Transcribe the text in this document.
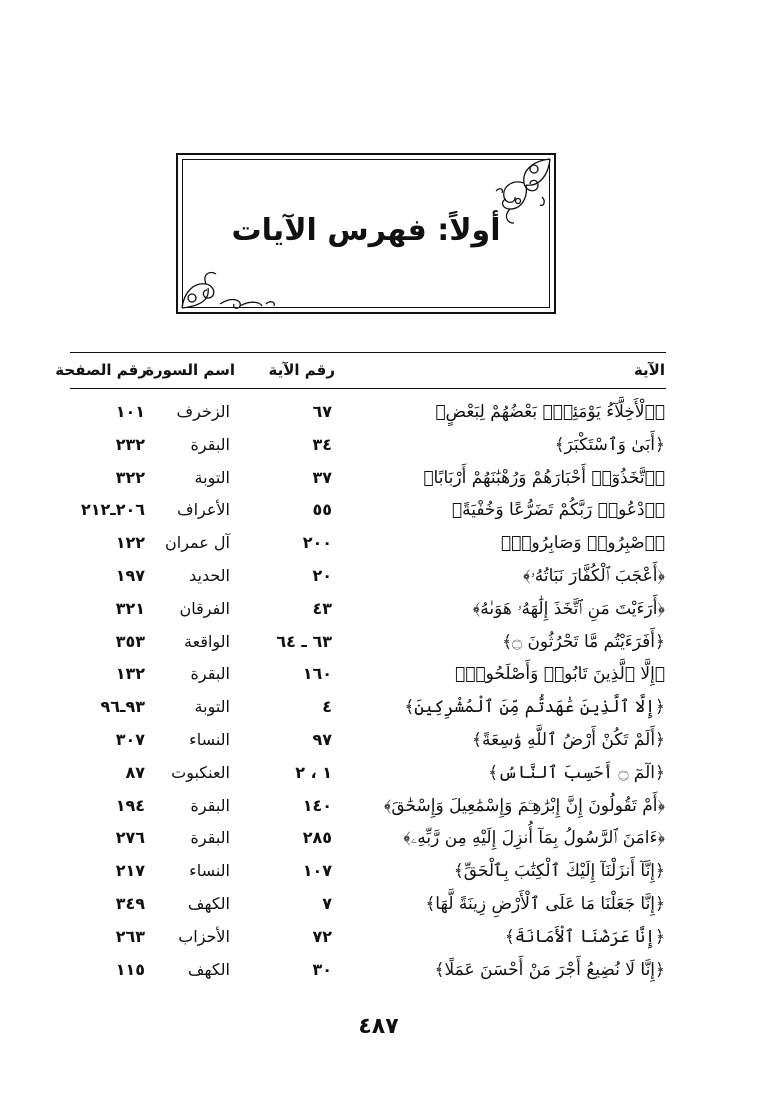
أولاً: فهرس الآيات
الآية
رقم الآية
اسم السورة
رقم الصفحة
﴿ٱلْأَخِلَّآءُ يَوْمَئِذٍۭ بَعْضُهُمْ لِبَعْضٍ﴾
٦٧
الزخرف
١٠١
﴿أَبَىٰ وَٱسْتَكْبَرَ﴾
٣٤
البقرة
٢٣٢
﴿ٱتَّخَذُوٓا۟ أَحْبَارَهُمْ وَرُهْبَٰنَهُمْ أَرْبَابًا﴾
٣٧
التوبة
٣٢٢
﴿ٱدْعُوا۟ رَبَّكُمْ تَضَرُّعًا وَخُفْيَةً﴾
٥٥
الأعراف
٢٠٦ـ٢١٢
﴿ٱصْبِرُوا۟ وَصَابِرُوا۟﴾
٢٠٠
آل عمران
١٢٢
﴿أَعْجَبَ ٱلْكُفَّارَ نَبَاتُهُۥ﴾
٢٠
الحديد
١٩٧
﴿أَرَءَيْتَ مَنِ ٱتَّخَذَ إِلَٰهَهُۥ هَوَىٰهُ﴾
٤٣
الفرقان
٣٢١
﴿أَفَرَءَيْتُم مَّا تَحْرُثُونَ ۝﴾
٦٣ ـ ٦٤
الواقعة
٣٥٣
﴿إِلَّا ٱلَّذِينَ تَابُوا۟ وَأَصْلَحُوا۟﴾
١٦٠
البقرة
١٣٢
﴿إِلَّا ٱلَّذِينَ عَٰهَدتُّم مِّنَ ٱلْمُشْرِكِينَ﴾
٤
التوبة
٩٣ـ٩٦
﴿أَلَمْ تَكُنْ أَرْضُ ٱللَّهِ وَٰسِعَةً﴾
٩٧
النساء
٣٠٧
﴿الٓمٓ ۝ أَحَسِبَ ٱلنَّاسُ﴾
١ ، ٢
العنكبوت
٨٧
﴿أَمْ تَقُولُونَ إِنَّ إِبْرَٰهِـۧمَ وَإِسْمَٰعِيلَ وَإِسْحَٰقَ﴾
١٤٠
البقرة
١٩٤
﴿ءَامَنَ ٱلرَّسُولُ بِمَآ أُنزِلَ إِلَيْهِ مِن رَّبِّهِۦ﴾
٢٨٥
البقرة
٢٧٦
﴿إِنَّآ أَنزَلْنَآ إِلَيْكَ ٱلْكِتَٰبَ بِٱلْحَقِّ﴾
١٠٧
النساء
٢١٧
﴿إِنَّا جَعَلْنَا مَا عَلَى ٱلْأَرْضِ زِينَةً لَّهَا﴾
٧
الكهف
٣٤٩
﴿إِنَّا عَرَضْنَا ٱلْأَمَانَةَ﴾
٧٢
الأحزاب
٢٦٣
﴿إِنَّا لَا نُضِيعُ أَجْرَ مَنْ أَحْسَنَ عَمَلًا﴾
٣٠
الكهف
١١٥
٤٨٧
